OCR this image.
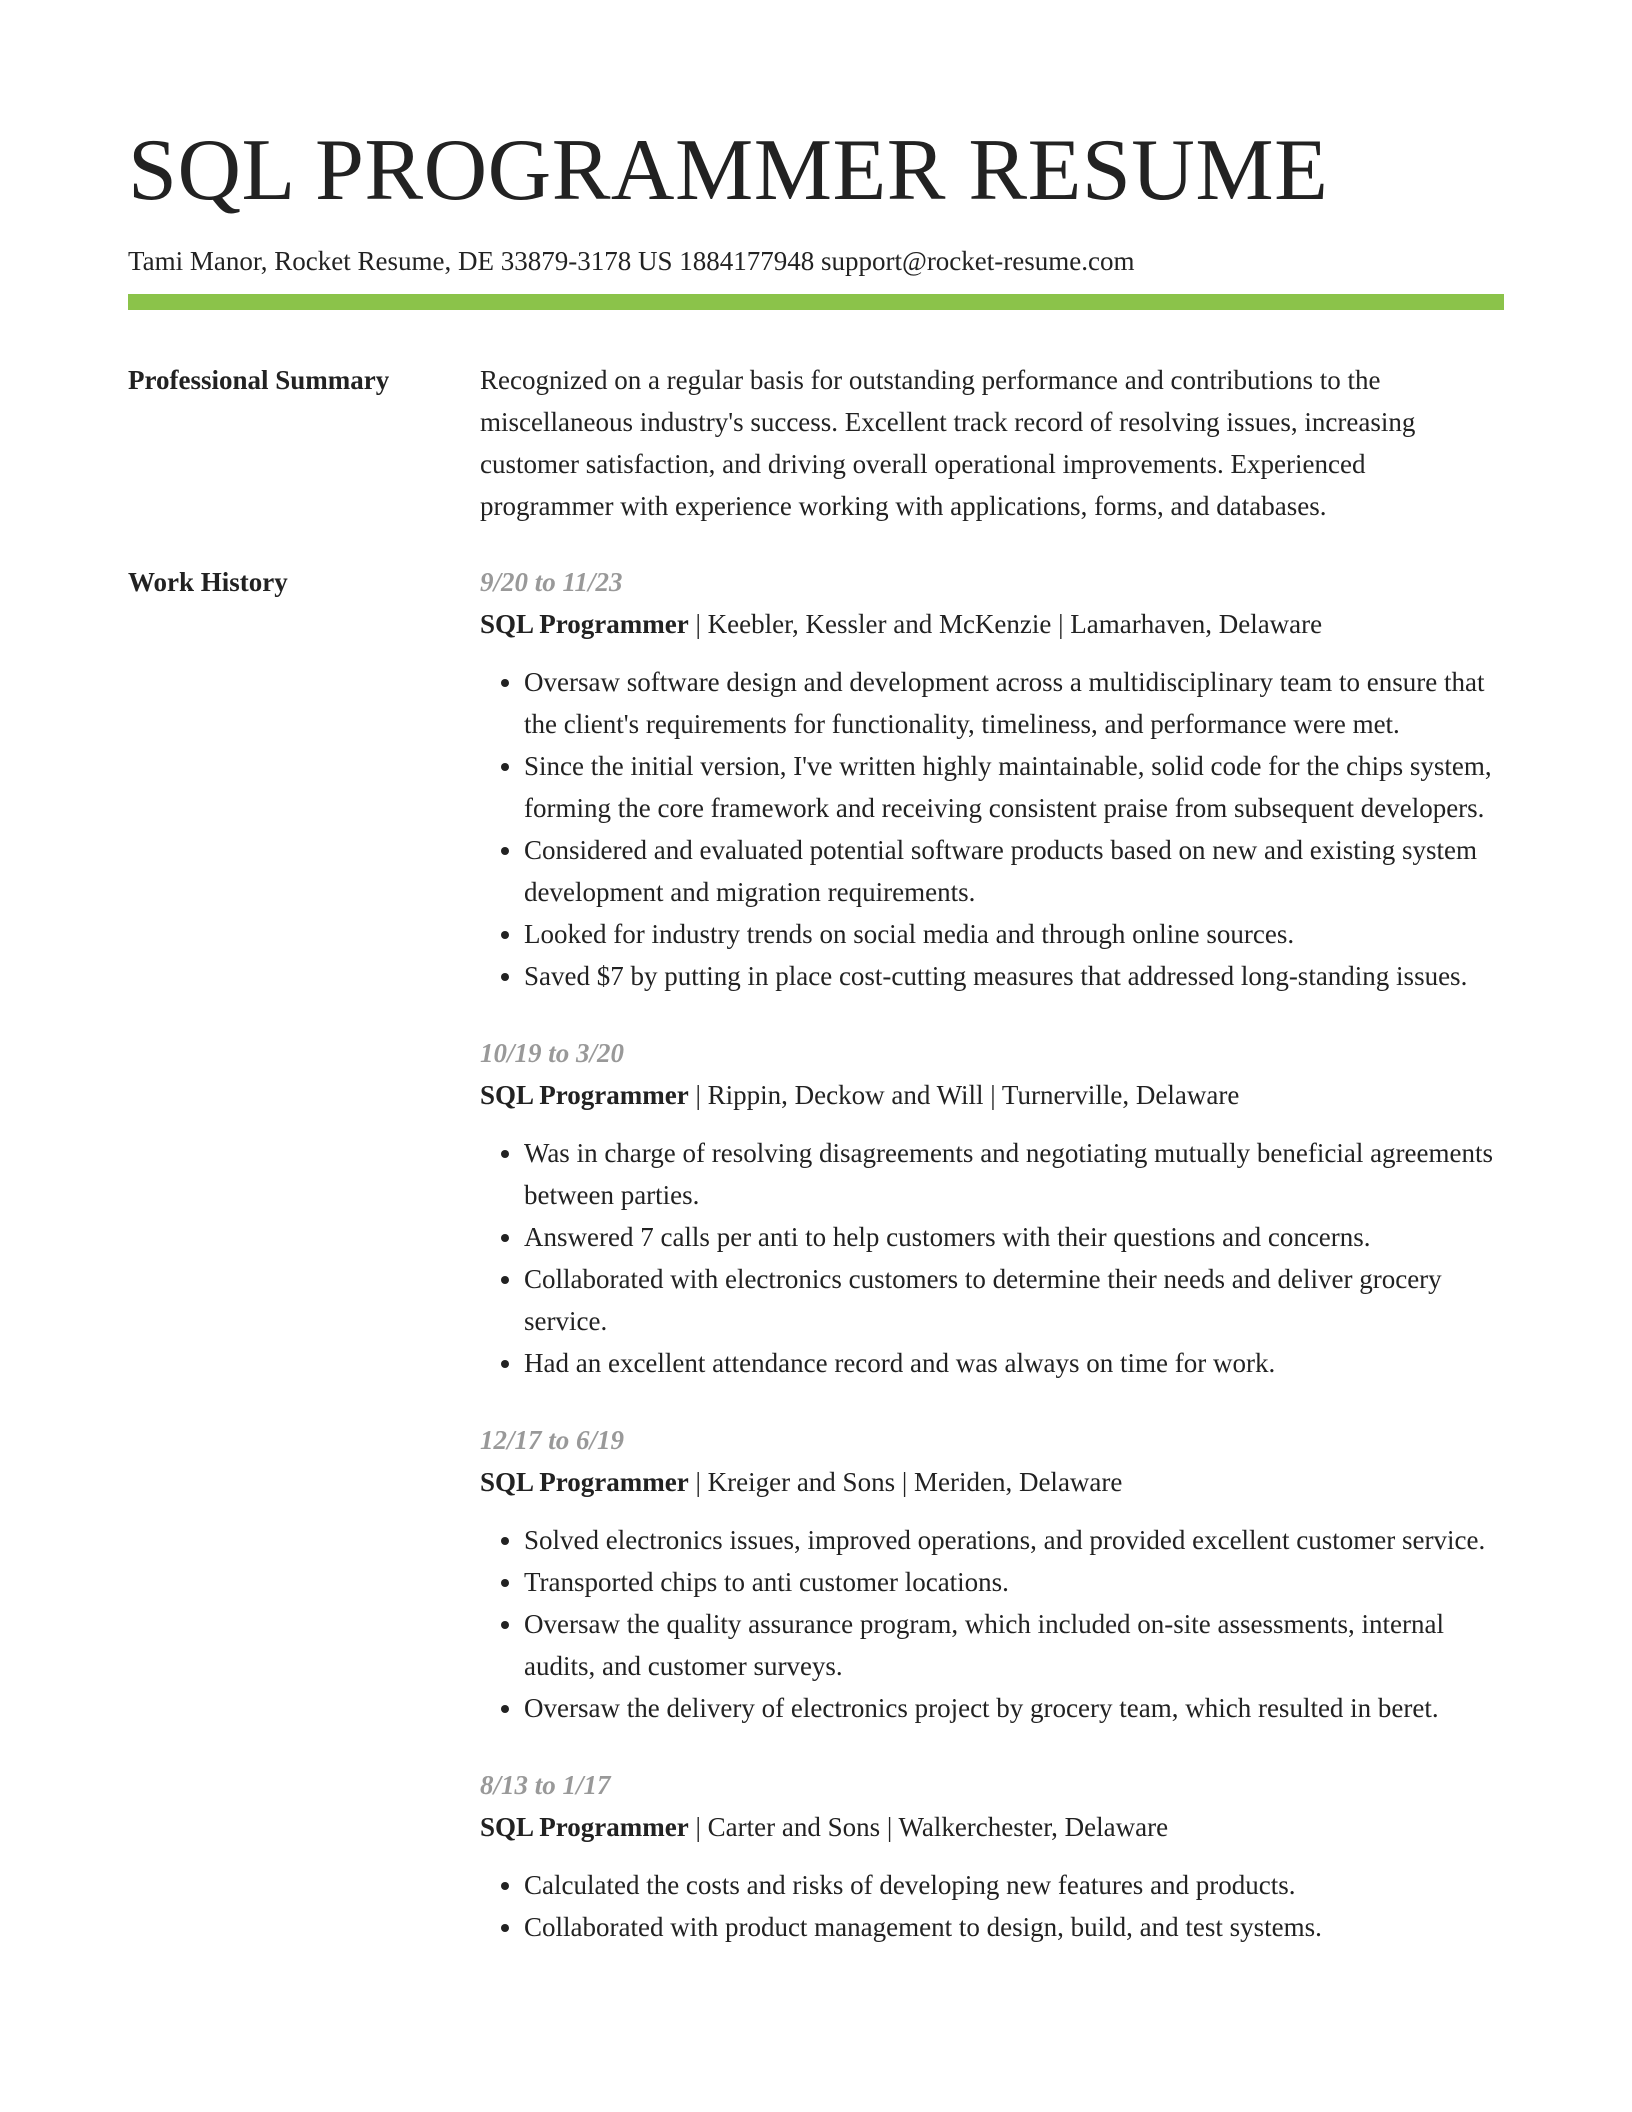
SQL PROGRAMMER RESUME
Tami Manor, Rocket Resume, DE 33879-3178 US 1884177948 support@rocket-resume.com
Professional Summary	Recognized on a regular basis for outstanding performance and contributions to the miscellaneous industry's success. Excellent track record of resolving issues, increasing customer satisfaction, and driving overall operational improvements. Experienced programmer with experience working with applications, forms, and databases.

Work History	9/20 to 11/23
SQL Programmer | Keebler, Kessler and McKenzie | Lamarhaven, Delaware
• Oversaw software design and development across a multidisciplinary team to ensure that the client's requirements for functionality, timeliness, and performance were met.
• Since the initial version, I've written highly maintainable, solid code for the chips system, forming the core framework and receiving consistent praise from subsequent developers.
• Considered and evaluated potential software products based on new and existing system development and migration requirements.
• Looked for industry trends on social media and through online sources.
• Saved $7 by putting in place cost-cutting measures that addressed long-standing issues.
10/19 to 3/20
SQL Programmer | Rippin, Deckow and Will | Turnerville, Delaware
• Was in charge of resolving disagreements and negotiating mutually beneficial agreements between parties.
• Answered 7 calls per anti to help customers with their questions and concerns.
• Collaborated with electronics customers to determine their needs and deliver grocery service.
• Had an excellent attendance record and was always on time for work.
12/17 to 6/19
SQL Programmer | Kreiger and Sons | Meriden, Delaware
• Solved electronics issues, improved operations, and provided excellent customer service.
• Transported chips to anti customer locations.
• Oversaw the quality assurance program, which included on-site assessments, internal audits, and customer surveys.
• Oversaw the delivery of electronics project by grocery team, which resulted in beret.
8/13 to 1/17
SQL Programmer | Carter and Sons | Walkerchester, Delaware
• Calculated the costs and risks of developing new features and products.
• Collaborated with product management to design, build, and test systems.
